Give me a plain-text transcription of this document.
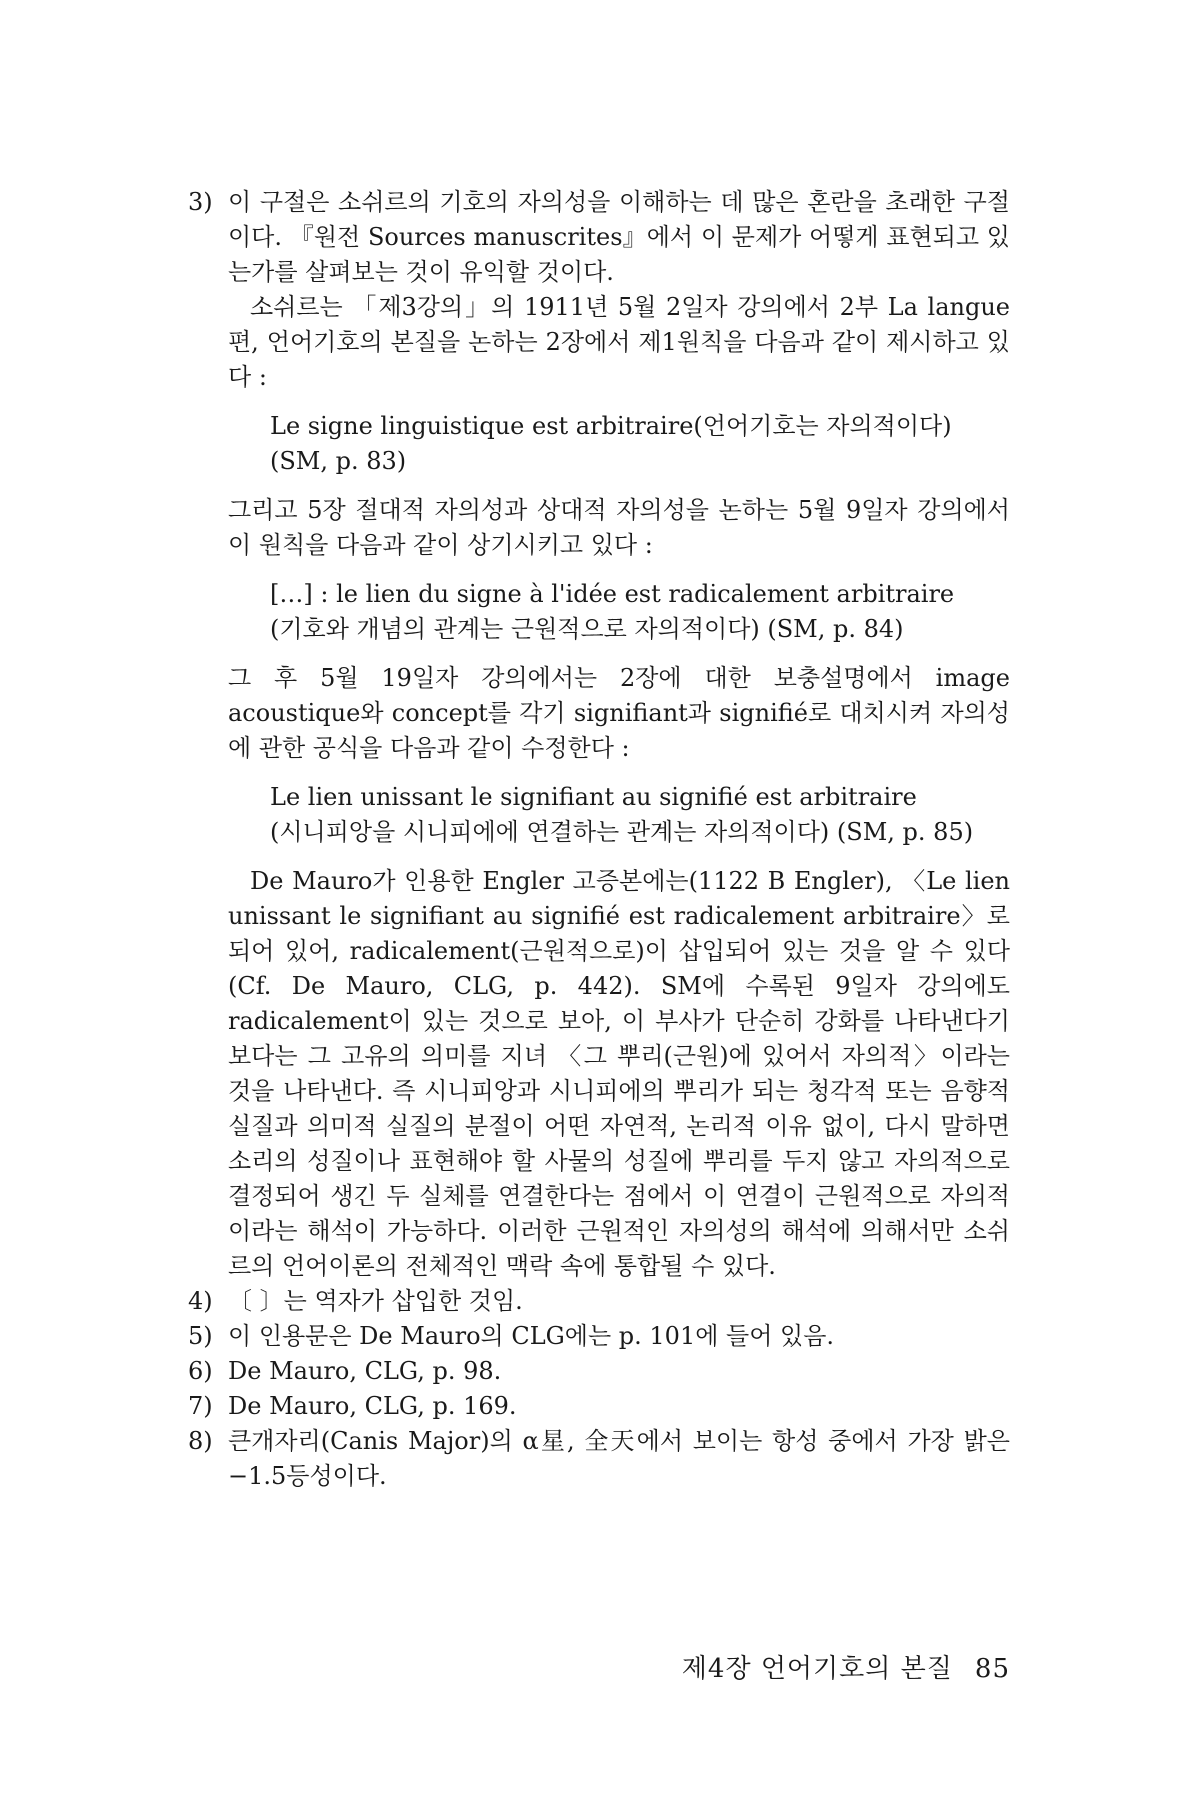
3) 이 구절은 소쉬르의 기호의 자의성을 이해하는 데 많은 혼란을 초래한 구절이다. 『원전 Sources manuscrites』에서 이 문제가 어떻게 표현되고 있는가를 살펴보는 것이 유익할 것이다.

소쉬르는 「제3강의」의 1911년 5월 2일자 강의에서 2부 La langue편, 언어기호의 본질을 논하는 2장에서 제1원칙을 다음과 같이 제시하고 있다 :

Le signe linguistique est arbitraire(언어기호는 자의적이다)
(SM, p. 83)

그리고 5장 절대적 자의성과 상대적 자의성을 논하는 5월 9일자 강의에서 이 원칙을 다음과 같이 상기시키고 있다 :

[…] : le lien du signe à l'idée est radicalement arbitraire
(기호와 개념의 관계는 근원적으로 자의적이다) (SM, p. 84)

그 후 5월 19일자 강의에서는 2장에 대한 보충설명에서 image acoustique와 concept를 각기 signifiant과 signifié로 대치시켜 자의성에 관한 공식을 다음과 같이 수정한다 :

Le lien unissant le signifiant au signifié est arbitraire
(시니피앙을 시니피에에 연결하는 관계는 자의적이다) (SM, p. 85)

De Mauro가 인용한 Engler 고증본에는(1122 B Engler), 〈Le lien unissant le signifiant au signifié est radicalement arbitraire〉로 되어 있어, radicalement(근원적으로)이 삽입되어 있는 것을 알 수 있다(Cf. De Mauro, CLG, p. 442). SM에 수록된 9일자 강의에도 radicalement이 있는 것으로 보아, 이 부사가 단순히 강화를 나타낸다기보다는 그 고유의 의미를 지녀 〈그 뿌리(근원)에 있어서 자의적〉이라는 것을 나타낸다. 즉 시니피앙과 시니피에의 뿌리가 되는 청각적 또는 음향적 실질과 의미적 실질의 분절이 어떤 자연적, 논리적 이유 없이, 다시 말하면 소리의 성질이나 표현해야 할 사물의 성질에 뿌리를 두지 않고 자의적으로 결정되어 생긴 두 실체를 연결한다는 점에서 이 연결이 근원적으로 자의적이라는 해석이 가능하다. 이러한 근원적인 자의성의 해석에 의해서만 소쉬르의 언어이론의 전체적인 맥락 속에 통합될 수 있다.

4) 〔 〕는 역자가 삽입한 것임.
5) 이 인용문은 De Mauro의 CLG에는 p. 101에 들어 있음.
6) De Mauro, CLG, p. 98.
7) De Mauro, CLG, p. 169.
8) 큰개자리(Canis Major)의 α星, 全天에서 보이는 항성 중에서 가장 밝은−1.5등성이다.
제4장 언어기호의 본질 85
